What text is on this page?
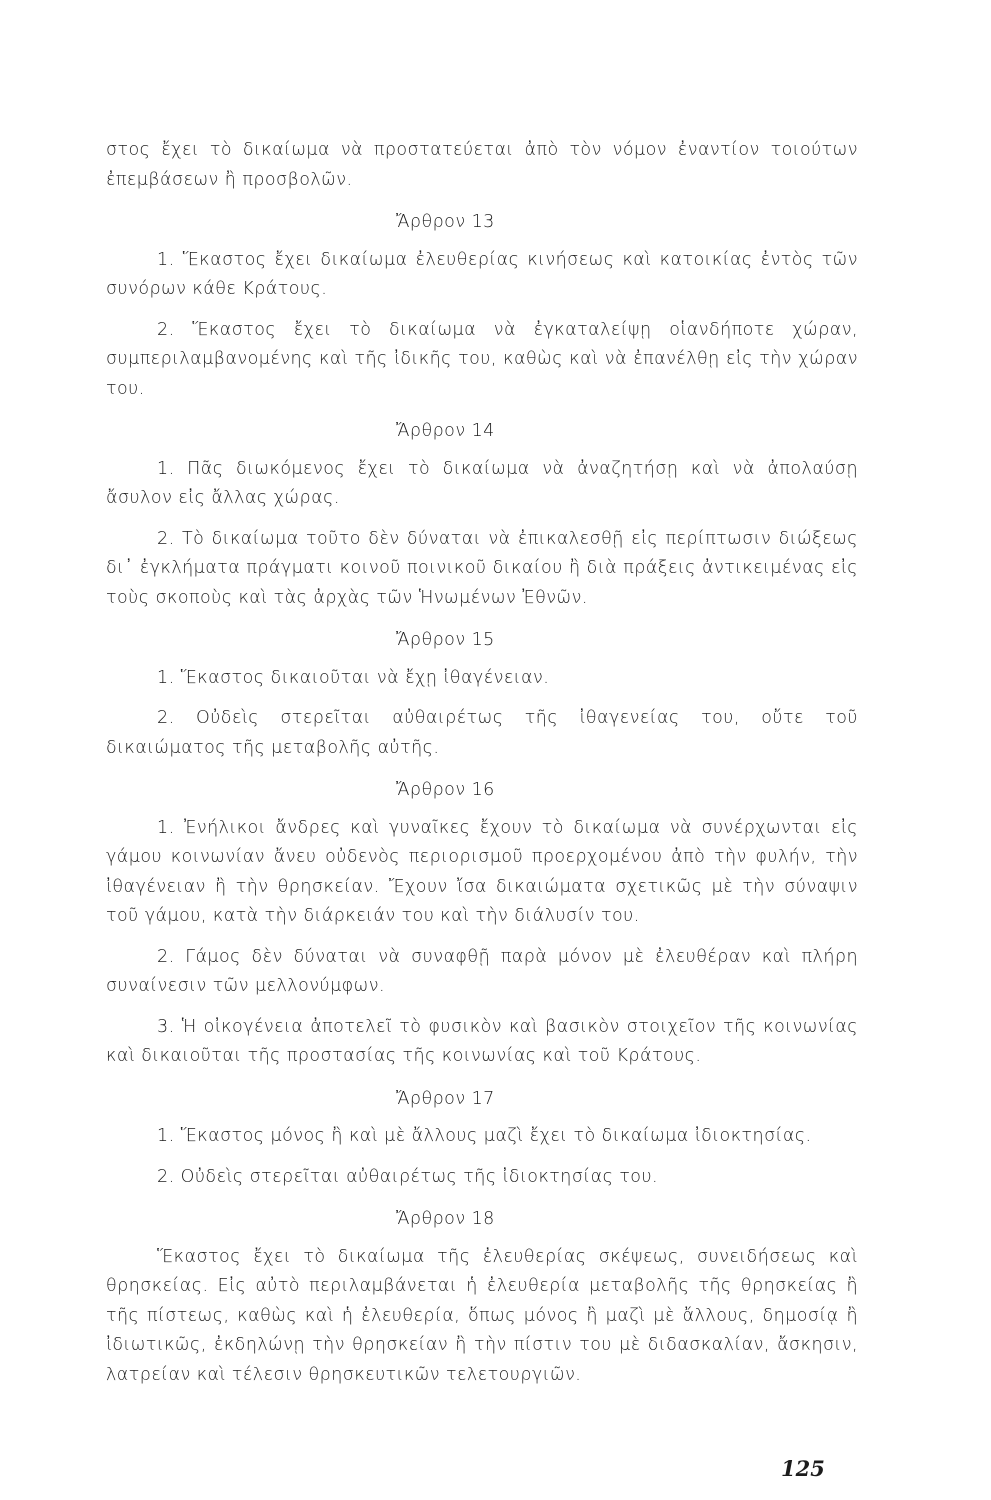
στος ἔχει τὸ δικαίωμα νὰ προστατεύεται ἀπὸ τὸν νόμον ἐναντίον τοιούτων ἐπεμβάσεων ἢ προσβολῶν.

Ἄρθρον 13

1. Ἕκαστος ἔχει δικαίωμα ἐλευθερίας κινήσεως καὶ κατοικίας ἐντὸς τῶν συνόρων κάθε Κράτους.

2. Ἕκαστος ἔχει τὸ δικαίωμα νὰ ἐγκαταλείψῃ οἱανδήποτε χώραν, συμπεριλαμβανομένης καὶ τῆς ἰδικῆς του, καθὼς καὶ νὰ ἐπανέλθῃ εἰς τὴν χώραν του.

Ἄρθρον 14

1. Πᾶς διωκόμενος ἔχει τὸ δικαίωμα νὰ ἀναζητήσῃ καὶ νὰ ἀπολαύσῃ ἄσυλον εἰς ἄλλας χώρας.

2. Τὸ δικαίωμα τοῦτο δὲν δύναται νὰ ἐπικαλεσθῇ εἰς περίπτωσιν διώξεως δι᾽ ἐγκλήματα πράγματι κοινοῦ ποινικοῦ δικαίου ἢ διὰ πράξεις ἀντικειμένας εἰς τοὺς σκοποὺς καὶ τὰς ἀρχὰς τῶν Ἡνωμένων Ἐθνῶν.

Ἄρθρον 15

1. Ἕκαστος δικαιοῦται νὰ ἔχῃ ἰθαγένειαν.

2. Οὐδεὶς στερεῖται αὐθαιρέτως τῆς ἰθαγενείας του, οὔτε τοῦ δικαιώματος τῆς μεταβολῆς αὐτῆς.

Ἄρθρον 16

1. Ἐνήλικοι ἄνδρες καὶ γυναῖκες ἔχουν τὸ δικαίωμα νὰ συνέρχωνται εἰς γάμου κοινωνίαν ἄνευ οὐδενὸς περιορισμοῦ προερχομένου ἀπὸ τὴν φυλήν, τὴν ἰθαγένειαν ἢ τὴν θρησκείαν. Ἔχουν ἴσα δικαιώματα σχετικῶς μὲ τὴν σύναψιν τοῦ γάμου, κατὰ τὴν διάρκειάν του καὶ τὴν διάλυσίν του.

2. Γάμος δὲν δύναται νὰ συναφθῇ παρὰ μόνον μὲ ἐλευθέραν καὶ πλήρη συναίνεσιν τῶν μελλονύμφων.

3. Ἡ οἰκογένεια ἀποτελεῖ τὸ φυσικὸν καὶ βασικὸν στοιχεῖον τῆς κοινωνίας καὶ δικαιοῦται τῆς προστασίας τῆς κοινωνίας καὶ τοῦ Κράτους.

Ἄρθρον 17

1. Ἕκαστος μόνος ἢ καὶ μὲ ἄλλους μαζὶ ἔχει τὸ δικαίωμα ἰδιοκτησίας.

2. Οὐδεὶς στερεῖται αὐθαιρέτως τῆς ἰδιοκτησίας του.

Ἄρθρον 18

Ἕκαστος ἔχει τὸ δικαίωμα τῆς ἐλευθερίας σκέψεως, συνειδήσεως καὶ θρησκείας. Εἰς αὐτὸ περιλαμβάνεται ἡ ἐλευθερία μεταβολῆς τῆς θρησκείας ἢ τῆς πίστεως, καθὼς καὶ ἡ ἐλευθερία, ὅπως μόνος ἢ μαζὶ μὲ ἄλλους, δημοσίᾳ ἢ ἰδιωτικῶς, ἐκδηλώνῃ τὴν θρησκείαν ἢ τὴν πίστιν του μὲ διδασκαλίαν, ἄσκησιν, λατρείαν καὶ τέλεσιν θρησκευτικῶν τελετουργιῶν.

125
